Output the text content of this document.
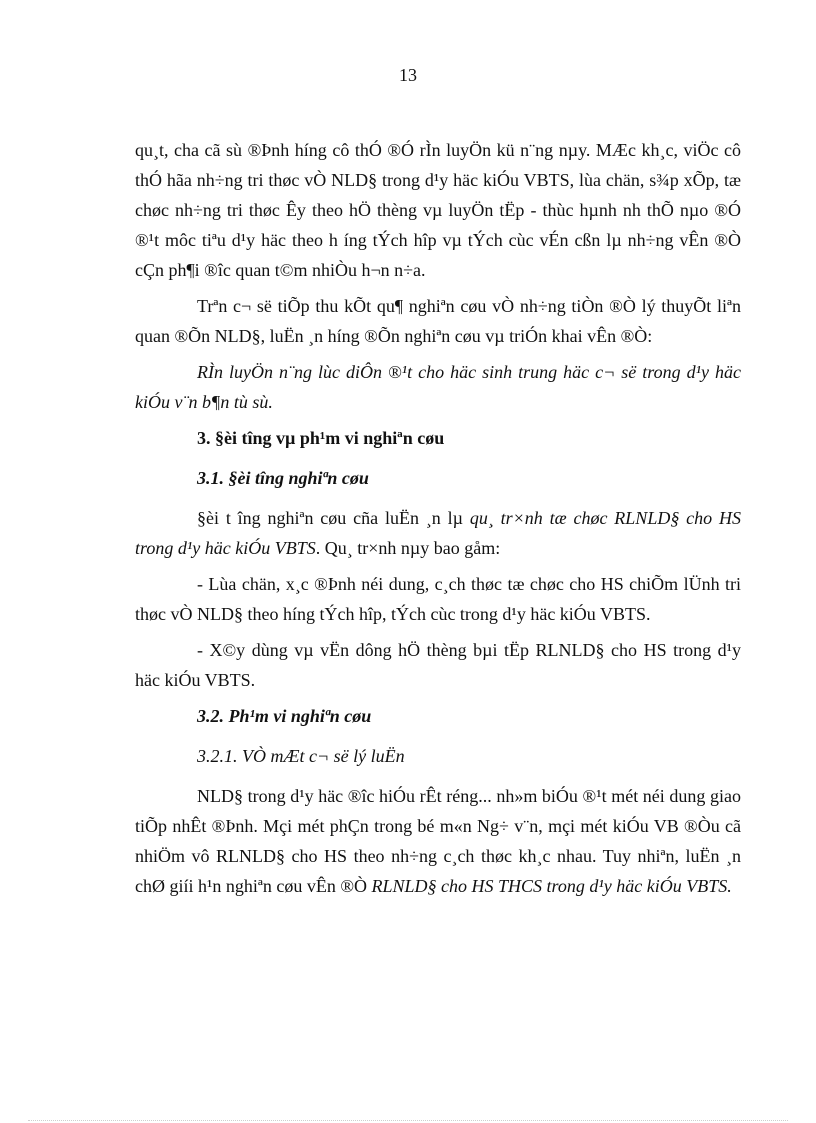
13

qu¸t, cha cã sù ®Þnh híng cô thÓ ®Ó rÌn luyÖn kü n¨ng nµy. MÆc kh¸c, viÖc cô thÓ hãa nh÷ng tri thøc vÒ NLD§ trong d¹y häc kiÓu VBTS, lùa chän, s¾p xÕp, tæ chøc nh÷ng tri thøc Êy theo hÖ thèng vµ luyÖn tËp - thùc hµnh nh thÕ nµo ®Ó ®¹t môc tiªu d¹y häc theo h íng tÝch hîp vµ tÝch cùc vÉn cßn lµ nh÷ng vÊn ®Ò cÇn ph¶i ®îc quan t©m nhiÒu h¬n n÷a.

Trªn c¬ së tiÕp thu kÕt qu¶ nghiªn cøu vÒ nh÷ng tiÒn ®Ò lý thuyÕt liªn quan ®Õn NLD§, luËn ¸n híng ®Õn nghiªn cøu vµ triÓn khai vÊn ®Ò:

RÌn luyÖn n¨ng lùc diÔn ®¹t cho häc sinh trung häc c¬ së trong d¹y häc kiÓu v¨n b¶n tù sù.

3. §èi tîng vµ ph¹m vi nghiªn cøu
3.1. §èi tîng nghiªn cøu

§èi t îng nghiªn cøu cña luËn ¸n lµ qu¸ tr×nh tæ chøc RLNLD§ cho HS trong d¹y häc kiÓu VBTS. Qu¸ tr×nh nµy bao gåm:

- Lùa chän, x¸c ®Þnh néi dung, c¸ch thøc tæ chøc cho HS chiÕm lÜnh tri thøc vÒ NLD§ theo híng tÝch hîp, tÝch cùc trong d¹y häc kiÓu VBTS.

- X©y dùng vµ vËn dông hÖ thèng bµi tËp RLNLD§ cho HS trong d¹y häc kiÓu VBTS.

3.2. Ph¹m vi nghiªn cøu
3.2.1. VÒ mÆt c¬ së lý luËn

NLD§ trong d¹y häc ®îc hiÓu rÊt réng... nh»m biÓu ®¹t mét néi dung giao tiÕp nhÊt ®Þnh. Mçi mét phÇn trong bé m«n Ng÷ v¨n, mçi mét kiÓu VB ®Òu cã nhiÖm vô RLNLD§ cho HS theo nh÷ng c¸ch thøc kh¸c nhau. Tuy nhiªn, luËn ¸n chØ giíi h¹n nghiªn cøu vÊn ®Ò RLNLD§ cho HS THCS trong d¹y häc kiÓu VBTS.
